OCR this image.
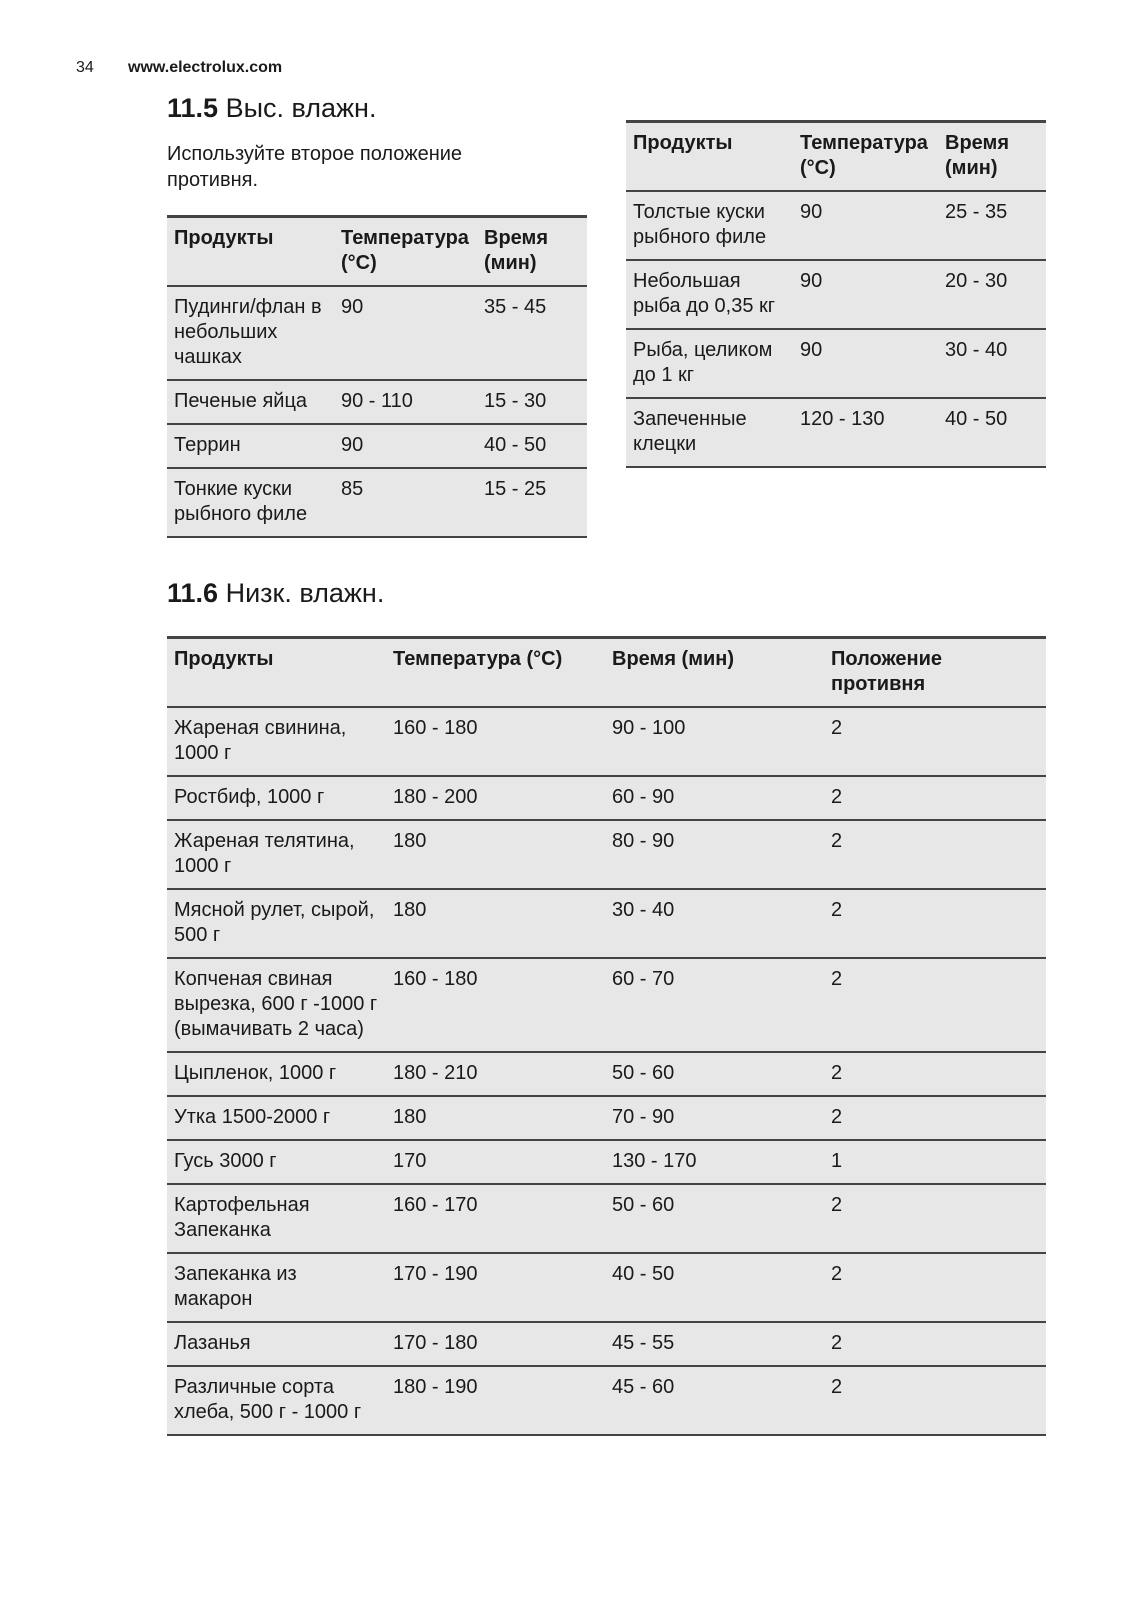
34 www.electrolux.com
11.5 Выс. влажн.

Используйте второе положение противня.

Продукты	Температура (°C)	Время (мин)
Пудинги/флан в небольших чашках	90	35 - 45
Печеные яйца	90 - 110	15 - 30
Террин	90	40 - 50
Тонкие куски рыбного филе	85	15 - 25
Продукты	Температура (°C)	Время (мин)
Толстые куски рыбного филе	90	25 - 35
Небольшая рыба до 0,35 кг	90	20 - 30
Рыба, целиком до 1 кг	90	30 - 40
Запеченные клецки	120 - 130	40 - 50
11.6 Низк. влажн.
Продукты	Температура (°C)	Время (мин)	Положение противня
Жареная свинина, 1000 г	160 - 180	90 - 100	2
Ростбиф, 1000 г	180 - 200	60 - 90	2
Жареная телятина, 1000 г	180	80 - 90	2
Мясной рулет, сырой, 500 г	180	30 - 40	2
Копченая свиная вырезка, 600 г -1000 г (вымачивать 2 часа)	160 - 180	60 - 70	2
Цыпленок, 1000 г	180 - 210	50 - 60	2
Утка 1500-2000 г	180	70 - 90	2
Гусь 3000 г	170	130 - 170	1
Картофельная Запеканка	160 - 170	50 - 60	2
Запеканка из макарон	170 - 190	40 - 50	2
Лазанья	170 - 180	45 - 55	2
Различные сорта хлеба, 500 г - 1000 г	180 - 190	45 - 60	2
